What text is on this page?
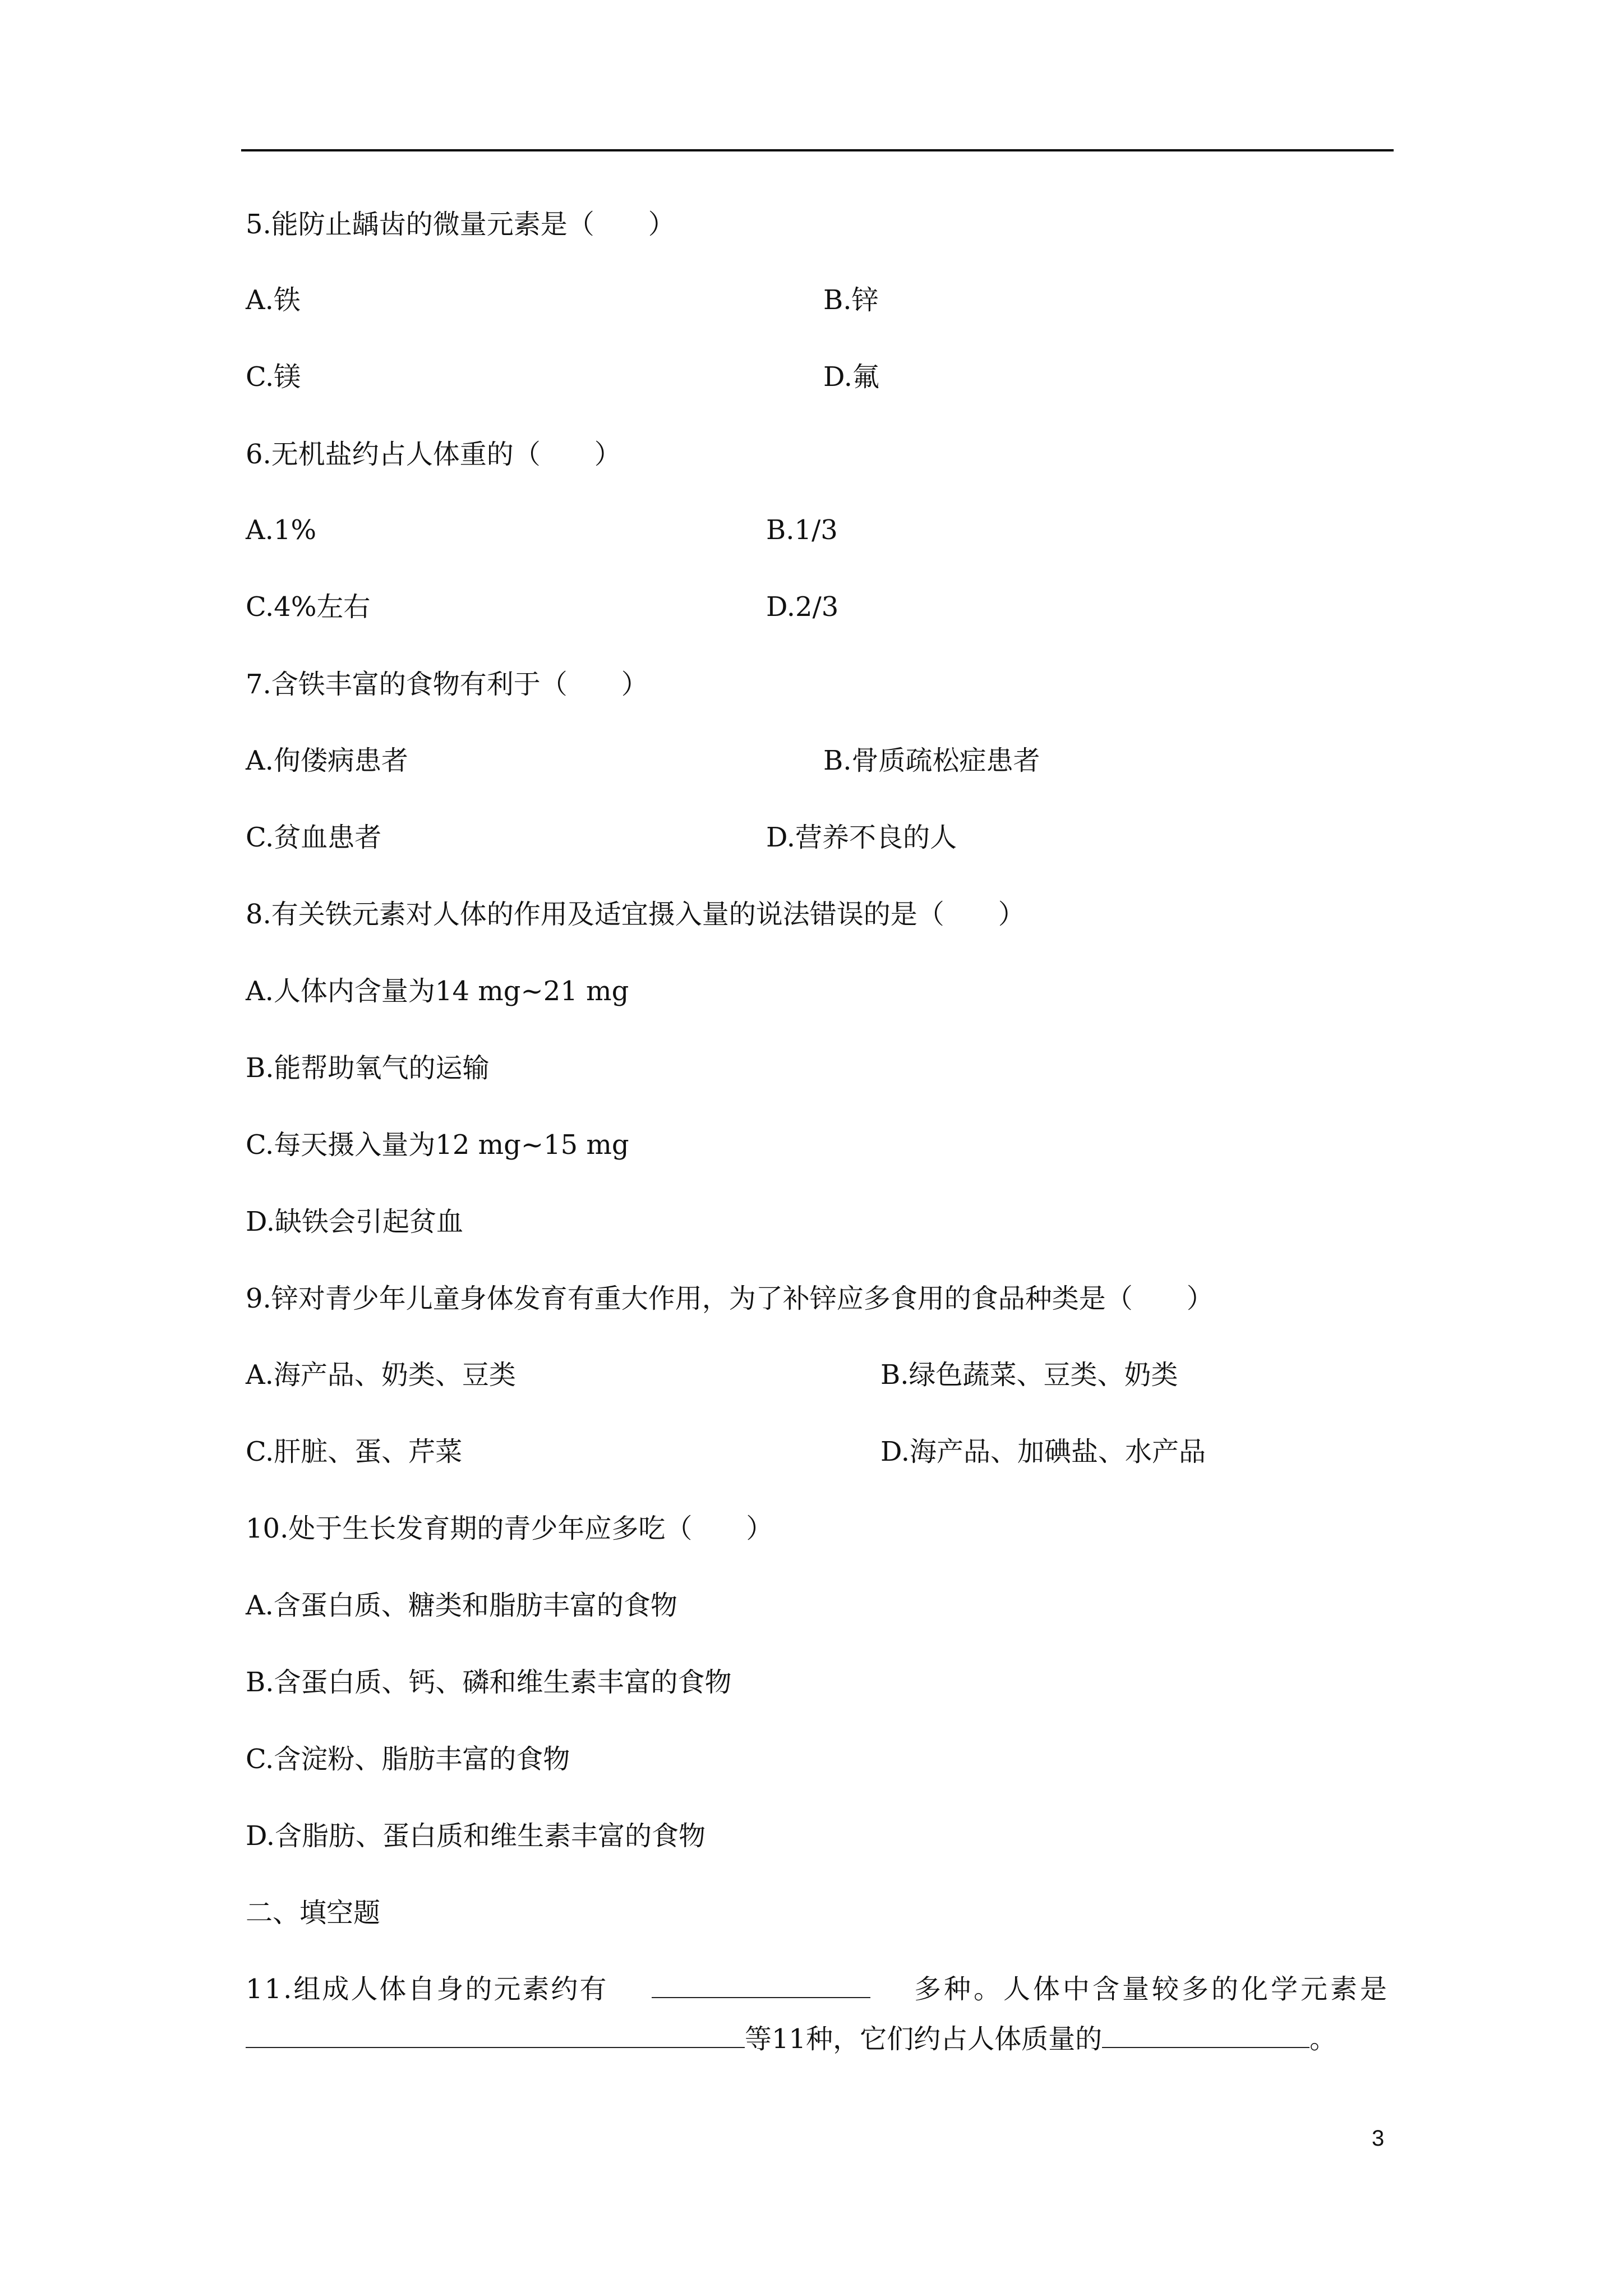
5.能防止龋齿的微量元素是（　　）
A.铁	B.锌
C.镁	D.氟
6.无机盐约占人体重的（　　）
A.1%	B.1/3
C.4%左右	D.2/3
7.含铁丰富的食物有利于（　　）
A.佝偻病患者	B.骨质疏松症患者
C.贫血患者	D.营养不良的人
8.有关铁元素对人体的作用及适宜摄入量的说法错误的是（　　）
A.人体内含量为14 mg~21 mg
B.能帮助氧气的运输
C.每天摄入量为12 mg~15 mg
D.缺铁会引起贫血
9.锌对青少年儿童身体发育有重大作用，为了补锌应多食用的食品种类是（　　）
A.海产品、奶类、豆类	B.绿色蔬菜、豆类、奶类
C.肝脏、蛋、芹菜	D.海产品、加碘盐、水产品
10.处于生长发育期的青少年应多吃（　　）
A.含蛋白质、糖类和脂肪丰富的食物
B.含蛋白质、钙、磷和维生素丰富的食物
C.含淀粉、脂肪丰富的食物
D.含脂肪、蛋白质和维生素丰富的食物
二、填空题
11.组成人体自身的元素约有	多种。人体中含量较多的化学元素是
等11种，它们约占人体质量的	。
3
